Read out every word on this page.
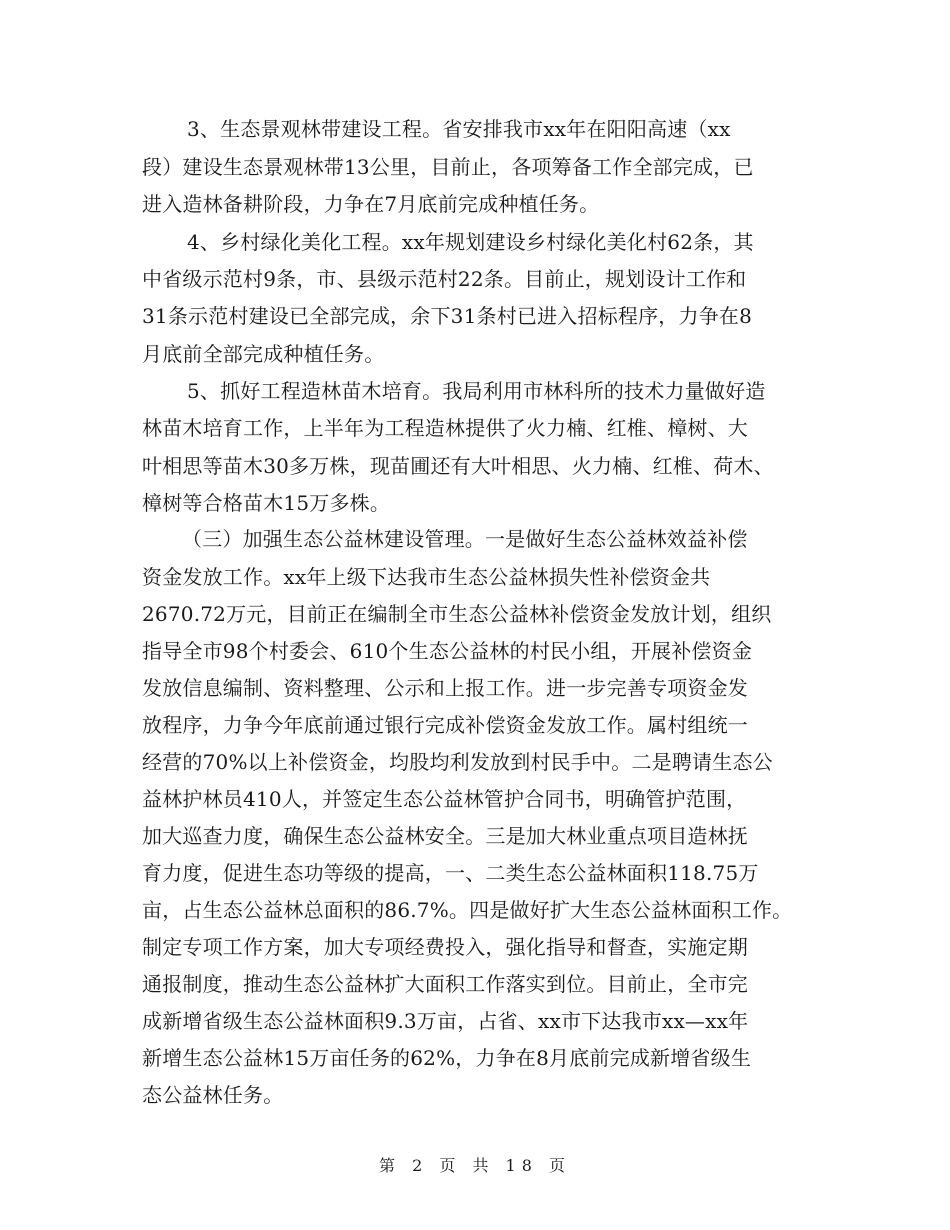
3、生态景观林带建设工程。省安排我市xx年在阳阳高速（xx
段）建设生态景观林带13公里，目前止，各项筹备工作全部完成，已
进入造林备耕阶段，力争在7月底前完成种植任务。
4、乡村绿化美化工程。xx年规划建设乡村绿化美化村62条，其
中省级示范村9条，市、县级示范村22条。目前止，规划设计工作和
31条示范村建设已全部完成，余下31条村已进入招标程序，力争在8
月底前全部完成种植任务。
5、抓好工程造林苗木培育。我局利用市林科所的技术力量做好造
林苗木培育工作，上半年为工程造林提供了火力楠、红椎、樟树、大
叶相思等苗木30多万株，现苗圃还有大叶相思、火力楠、红椎、荷木、
樟树等合格苗木15万多株。
（三）加强生态公益林建设管理。一是做好生态公益林效益补偿
资金发放工作。xx年上级下达我市生态公益林损失性补偿资金共
2670.72万元，目前正在编制全市生态公益林补偿资金发放计划，组织
指导全市98个村委会、610个生态公益林的村民小组，开展补偿资金
发放信息编制、资料整理、公示和上报工作。进一步完善专项资金发
放程序，力争今年底前通过银行完成补偿资金发放工作。属村组统一
经营的70%以上补偿资金，均股均利发放到村民手中。二是聘请生态公
益林护林员410人，并签定生态公益林管护合同书，明确管护范围，
加大巡查力度，确保生态公益林安全。三是加大林业重点项目造林抚
育力度，促进生态功等级的提高，一、二类生态公益林面积118.75万
亩，占生态公益林总面积的86.7%。四是做好扩大生态公益林面积工作。
制定专项工作方案，加大专项经费投入，强化指导和督查，实施定期
通报制度，推动生态公益林扩大面积工作落实到位。目前止，全市完
成新增省级生态公益林面积9.3万亩，占省、xx市下达我市xx—xx年
新增生态公益林15万亩任务的62%，力争在8月底前完成新增省级生
态公益林任务。
第 2 页 共 18 页
